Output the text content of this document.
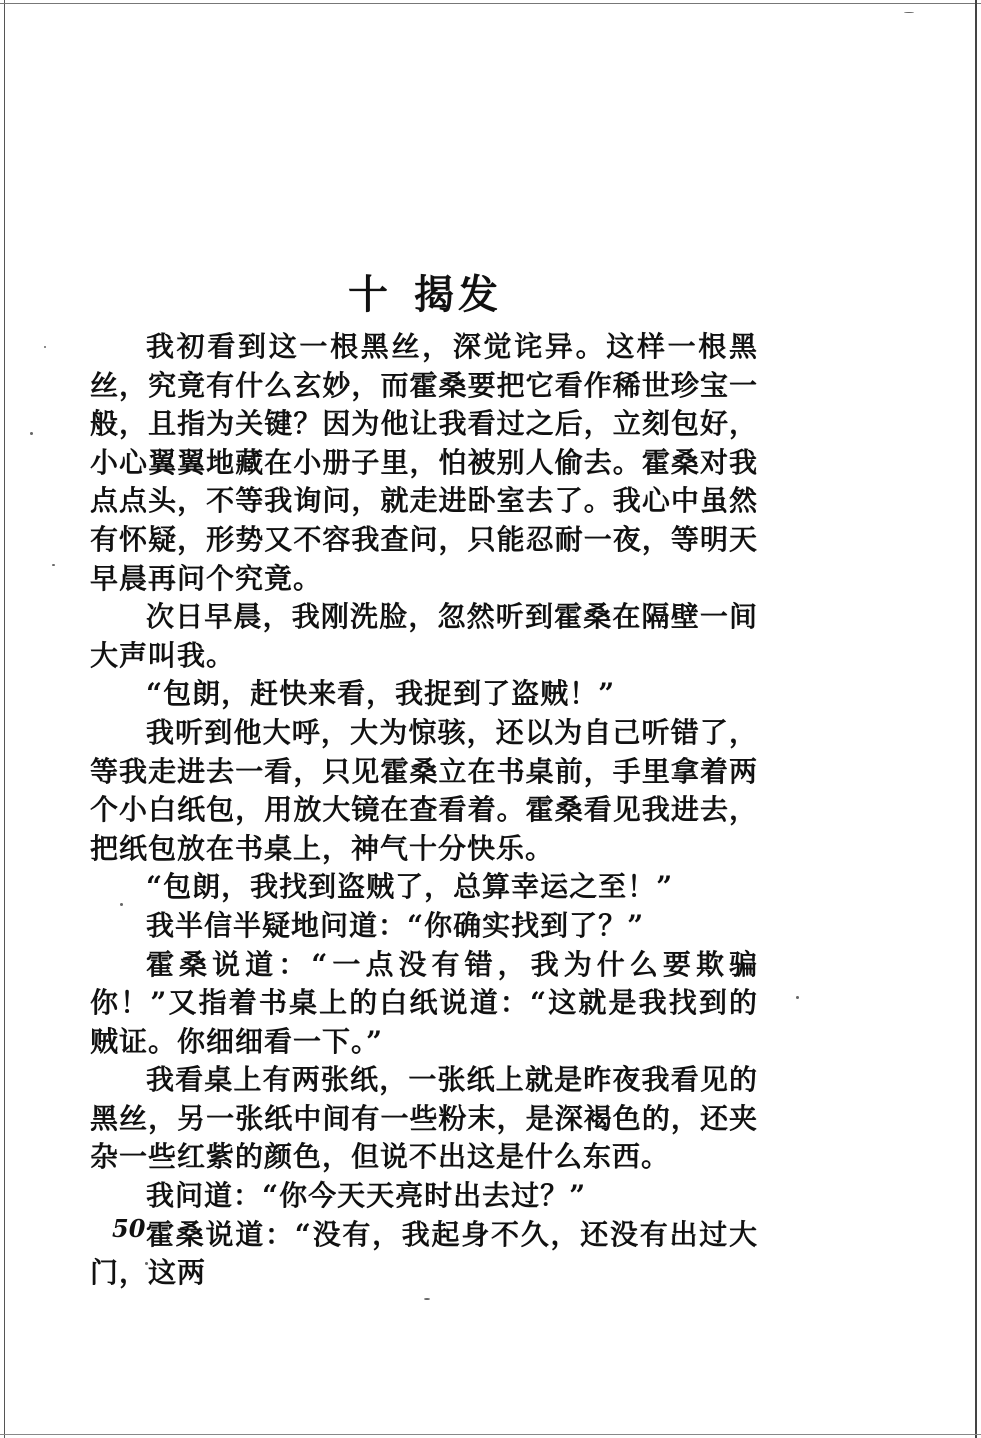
十 揭发

我初看到这一根黑丝，深觉诧异。这样一根黑丝，究竟有什么玄妙，而霍桑要把它看作稀世珍宝一般，且指为关键？因为他让我看过之后，立刻包好，小心翼翼地藏在小册子里，怕被别人偷去。霍桑对我点点头，不等我询问，就走进卧室去了。我心中虽然有怀疑，形势又不容我查问，只能忍耐一夜，等明天早晨再问个究竟。

次日早晨，我刚洗脸，忽然听到霍桑在隔壁一间大声叫我。

“包朗，赶快来看，我捉到了盗贼！”

我听到他大呼，大为惊骇，还以为自己听错了，等我走进去一看，只见霍桑立在书桌前，手里拿着两个小白纸包，用放大镜在查看着。霍桑看见我进去，把纸包放在书桌上，神气十分快乐。

“包朗，我找到盗贼了，总算幸运之至！”

我半信半疑地问道：“你确实找到了？”

霍桑说道：“一点没有错，我为什么要欺骗你！”又指着书桌上的白纸说道：“这就是我找到的贼证。你细细看一下。”

我看桌上有两张纸，一张纸上就是昨夜我看见的黑丝，另一张纸中间有一些粉末，是深褐色的，还夹杂一些红紫的颜色，但说不出这是什么东西。

我问道：“你今天天亮时出去过？”

霍桑说道：“没有，我起身不久，还没有出过大门，这两

50
